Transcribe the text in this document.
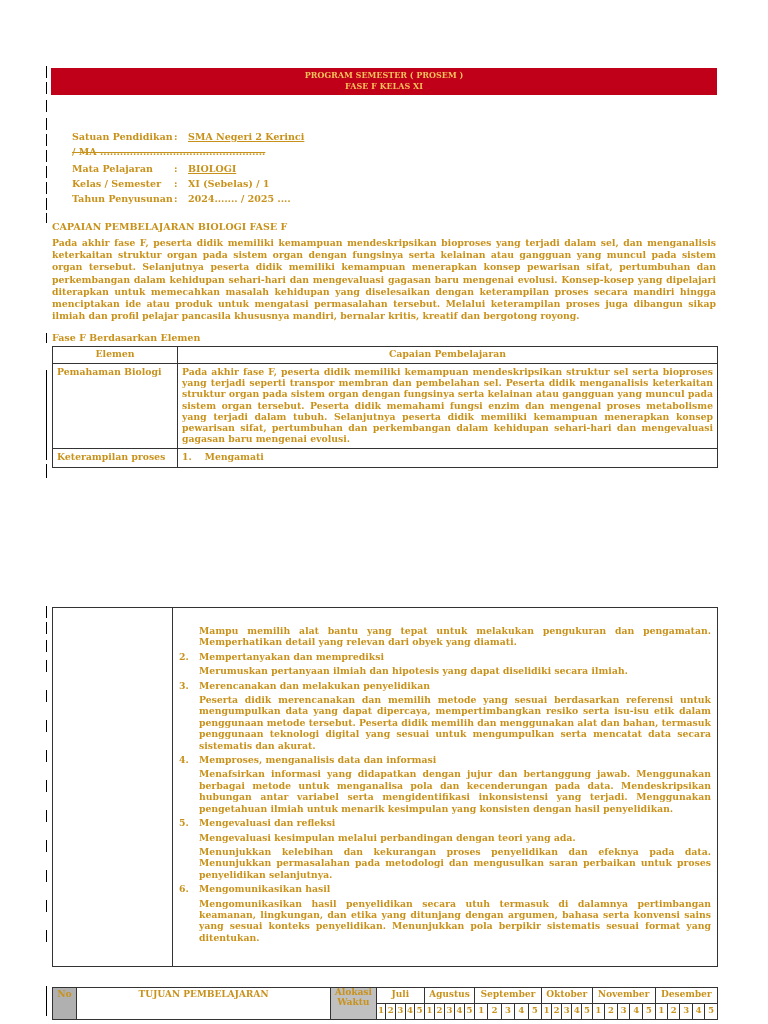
PROGRAM SEMESTER ( PROSEM )
FASE F KELAS XI
Satuan Pendidikan :	SMA Negeri 2 Kerinci
/ MA ..................................................
Mata Pelajaran	:	BIOLOGI
Kelas / Semester	:	XI (Sebelas) / 1
Tahun Penyusunan :	2024....... / 2025 ....
CAPAIAN PEMBELAJARAN BIOLOGI FASE F
Pada akhir fase F, peserta didik memiliki kemampuan mendeskripsikan bioproses yang terjadi dalam sel, dan menganalisis keterkaitan struktur organ pada sistem organ dengan fungsinya serta kelainan atau gangguan yang muncul pada sistem organ tersebut. Selanjutnya peserta didik memiliki kemampuan menerapkan konsep pewarisan sifat, pertumbuhan dan perkembangan dalam kehidupan sehari-hari dan mengevaluasi gagasan baru mengenai evolusi. Konsep-kosep yang dipelajari diterapkan untuk memecahkan masalah kehidupan yang diselesaikan dengan keterampilan proses secara mandiri hingga menciptakan ide atau produk untuk mengatasi permasalahan tersebut. Melalui keterampilan proses juga dibangun sikap ilmiah dan profil pelajar pancasila khususnya mandiri, bernalar kritis, kreatif dan bergotong royong.
Fase F Berdasarkan Elemen
Elemen	Capaian Pembelajaran
Pemahaman Biologi	Pada akhir fase F, peserta didik memiliki kemampuan mendeskripsikan struktur sel serta bioproses yang terjadi seperti transpor membran dan pembelahan sel. Peserta didik menganalisis keterkaitan struktur organ pada sistem organ dengan fungsinya serta kelainan atau gangguan yang muncul pada sistem organ tersebut. Peserta didik memahami fungsi enzim dan mengenal proses metabolisme yang terjadi dalam tubuh. Selanjutnya peserta didik memiliki kemampuan menerapkan konsep pewarisan sifat, pertumbuhan dan perkembangan dalam kehidupan sehari-hari dan mengevaluasi gagasan baru mengenai evolusi.
Keterampilan proses	1.    Mengamati

Mampu memilih alat bantu yang tepat untuk melakukan pengukuran dan pengamatan. Memperhatikan detail yang relevan dari obyek yang diamati.
2.	Mempertanyakan dan memprediksi
Merumuskan pertanyaan ilmiah dan hipotesis yang dapat diselidiki secara ilmiah.
3.	Merencanakan dan melakukan penyelidikan
Peserta didik merencanakan dan memilih metode yang sesuai berdasarkan referensi untuk mengumpulkan data yang dapat dipercaya, mempertimbangkan resiko serta isu-isu etik dalam penggunaan metode tersebut. Peserta didik memilih dan menggunakan alat dan bahan, termasuk penggunaan teknologi digital yang sesuai untuk mengumpulkan serta mencatat data secara sistematis dan akurat.
4.	Memproses, menganalisis data dan informasi
Menafsirkan informasi yang didapatkan dengan jujur dan bertanggung jawab. Menggunakan berbagai metode untuk menganalisa pola dan kecenderungan pada data. Mendeskripsikan hubungan antar variabel serta mengidentifikasi inkonsistensi yang terjadi. Menggunakan pengetahuan ilmiah untuk menarik kesimpulan yang konsisten dengan hasil penyelidikan.
5.	Mengevaluasi dan refleksi
Mengevaluasi kesimpulan melalui perbandingan dengan teori yang ada.
Menunjukkan kelebihan dan kekurangan proses penyelidikan dan efeknya pada data. Menunjukkan permasalahan pada metodologi dan mengusulkan saran perbaikan untuk proses penyelidikan selanjutnya.
6.	Mengomunikasikan hasil
Mengomunikasikan hasil penyelidikan secara utuh termasuk di dalamnya pertimbangan keamanan, lingkungan, dan etika yang ditunjang dengan argumen, bahasa serta konvensi sains yang sesuai konteks penyelidikan. Menunjukkan pola berpikir sistematis sesuai format yang ditentukan.
No	TUJUAN PEMBELAJARAN	Alokasi Waktu	Juli					Agustus					September					Oktober					November					Desember				
			1	2	3	4	5	1	2	3	4	5	1	2	3	4	5	1	2	3	4	5	1	2	3	4	5	1	2	3	4	5
